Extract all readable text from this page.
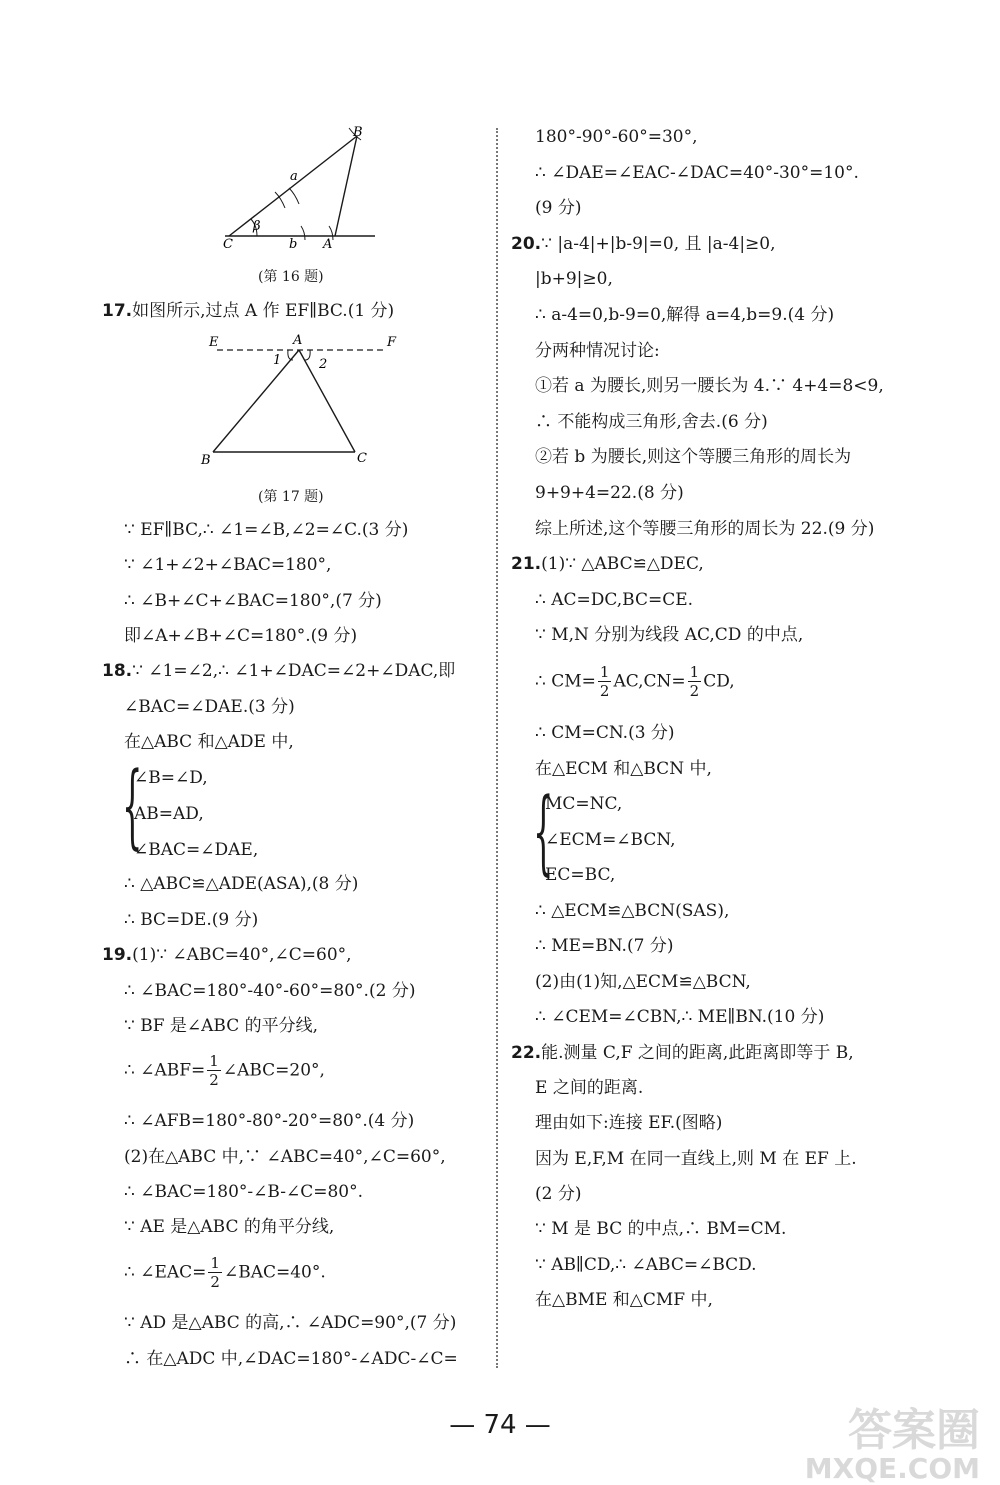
B
a
β
C	b A
(第 16 题)
17.如图所示,过点 A 作 EF∥BC.(1 分)
E	A	F
1	2
B	C
(第 17 题)
∵ EF∥BC,∴ ∠1=∠B,∠2=∠C.(3 分)
∵ ∠1+∠2+∠BAC=180°,
∴ ∠B+∠C+∠BAC=180°,(7 分)
即∠A+∠B+∠C=180°.(9 分)
18.∵ ∠1=∠2,∴ ∠1+∠DAC=∠2+∠DAC,即
∠BAC=∠DAE.(3 分)
在△ABC 和△ADE 中,
{
∠B=∠D,
AB=AD,
∠BAC=∠DAE,
∴ △ABC≌△ADE(ASA),(8 分)
∴ BC=DE.(9 分)
19.(1)∵ ∠ABC=40°,∠C=60°,
∴ ∠BAC=180°-40°-60°=80°.(2 分)
∵ BF 是∠ABC 的平分线,
∴ ∠ABF= $\frac{1}{2}$ ∠ABC=20°,
∴ ∠AFB=180°-80°-20°=80°.(4 分)
(2)在△ABC 中,∵ ∠ABC=40°,∠C=60°,
∴ ∠BAC=180°-∠B-∠C=80°.
∵ AE 是△ABC 的角平分线,
∴ ∠EAC= $\frac{1}{2}$ ∠BAC=40°.
∵ AD 是△ABC 的高,∴ ∠ADC=90°,(7 分)
∴ 在△ADC 中,∠DAC=180°-∠ADC-∠C=
180°-90°-60°=30°,
∴ ∠DAE=∠EAC-∠DAC=40°-30°=10°.
(9 分)
20.∵ |a-4|+|b-9|=0, 且 |a-4|≥0,
|b+9|≥0,
∴ a-4=0,b-9=0,解得 a=4,b=9.(4 分)
分两种情况讨论:
①若 a 为腰长,则另一腰长为 4.∵ 4+4=8<9,
∴ 不能构成三角形,舍去.(6 分)
②若 b 为腰长,则这个等腰三角形的周长为
9+9+4=22.(8 分)
综上所述,这个等腰三角形的周长为 22.(9 分)
21.(1)∵ △ABC≌△DEC,
∴ AC=DC,BC=CE.
∵ M,N 分别为线段 AC,CD 的中点,
∴ $CM= \frac{1}{2} AC,CN= \frac{1}{2}$ CD,
∴ CM=CN.(3 分)
在△ECM 和△BCN 中,
{
MC=NC,
∠ECM=∠BCN,
EC=BC,
∴ △ECM≌△BCN(SAS),
∴ ME=BN.(7 分)
(2)由(1)知,△ECM≌△BCN,
∴ ∠CEM=∠CBN,∴ ME∥BN.(10 分)
22.能.测量 C,F 之间的距离,此距离即等于 B,
E 之间的距离.
理由如下:连接 EF.(图略)
因为 E,F,M 在同一直线上,则 M 在 EF 上.
(2 分)
∵ M 是 BC 的中点,∴ BM=CM.
∵ AB∥CD,∴ ∠ABC=∠BCD.
在△BME 和△CMF 中,
— 74 —	答案圈
MXQE.COM
